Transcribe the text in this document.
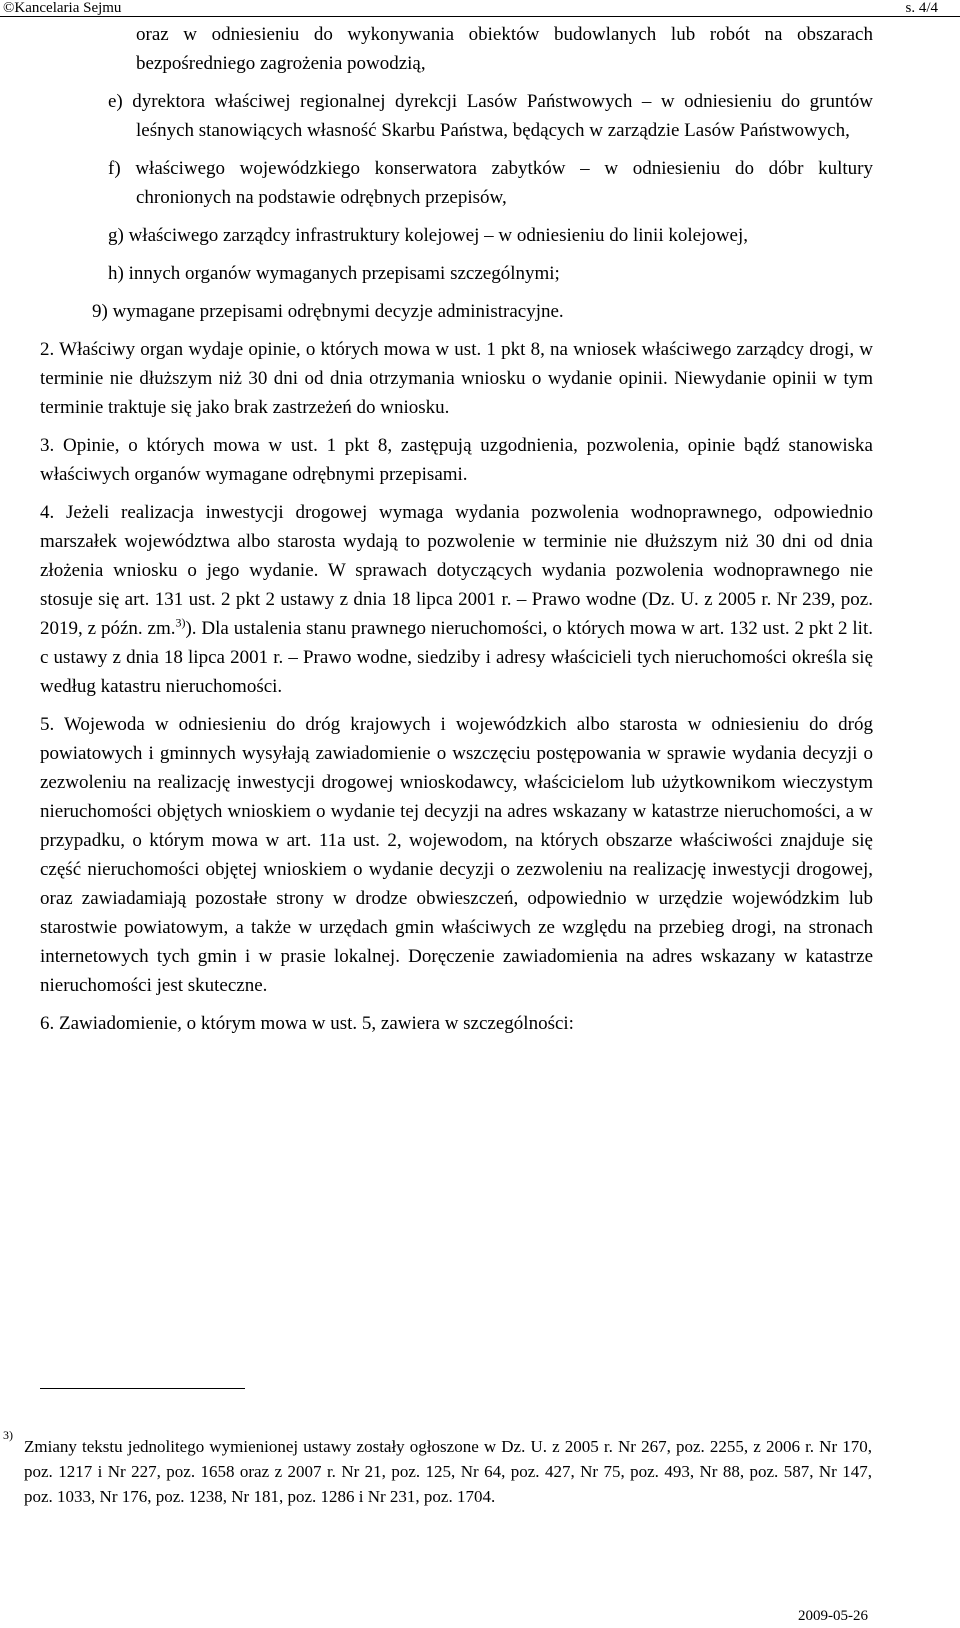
©Kancelaria Sejmu	s. 4/4

oraz w odniesieniu do wykonywania obiektów budowlanych lub robót na obszarach bezpośredniego zagrożenia powodzią,

e) dyrektora właściwej regionalnej dyrekcji Lasów Państwowych – w odniesieniu do gruntów leśnych stanowiących własność Skarbu Państwa, będących w zarządzie Lasów Państwowych,

f) właściwego wojewódzkiego konserwatora zabytków – w odniesieniu do dóbr kultury chronionych na podstawie odrębnych przepisów,

g) właściwego zarządcy infrastruktury kolejowej – w odniesieniu do linii kolejowej,

h) innych organów wymaganych przepisami szczególnymi;

9) wymagane przepisami odrębnymi decyzje administracyjne.

2. Właściwy organ wydaje opinie, o których mowa w ust. 1 pkt 8, na wniosek właściwego zarządcy drogi, w terminie nie dłuższym niż 30 dni od dnia otrzymania wniosku o wydanie opinii. Niewydanie opinii w tym terminie traktuje się jako brak zastrzeżeń do wniosku.

3. Opinie, o których mowa w ust. 1 pkt 8, zastępują uzgodnienia, pozwolenia, opinie bądź stanowiska właściwych organów wymagane odrębnymi przepisami.

4. Jeżeli realizacja inwestycji drogowej wymaga wydania pozwolenia wodnoprawnego, odpowiednio marszałek województwa albo starosta wydają to pozwolenie w terminie nie dłuższym niż 30 dni od dnia złożenia wniosku o jego wydanie. W sprawach dotyczących wydania pozwolenia wodnoprawnego nie stosuje się art. 131 ust. 2 pkt 2 ustawy z dnia 18 lipca 2001 r. – Prawo wodne (Dz. U. z 2005 r. Nr 239, poz. 2019, z późn. zm.$^{3)}$). Dla ustalenia stanu prawnego nieruchomości, o których mowa w art. 132 ust. 2 pkt 2 lit. c ustawy z dnia 18 lipca 2001 r. – Prawo wodne, siedziby i adresy właścicieli tych nieruchomości określa się według katastru nieruchomości.

5. Wojewoda w odniesieniu do dróg krajowych i wojewódzkich albo starosta w odniesieniu do dróg powiatowych i gminnych wysyłają zawiadomienie o wszczęciu postępowania w sprawie wydania decyzji o zezwoleniu na realizację inwestycji drogowej wnioskodawcy, właścicielom lub użytkownikom wieczystym nieruchomości objętych wnioskiem o wydanie tej decyzji na adres wskazany w katastrze nieruchomości, a w przypadku, o którym mowa w art. 11a ust. 2, wojewodom, na których obszarze właściwości znajduje się część nieruchomości objętej wnioskiem o wydanie decyzji o zezwoleniu na realizację inwestycji drogowej, oraz zawiadamiają pozostałe strony w drodze obwieszczeń, odpowiednio w urzędzie wojewódzkim lub starostwie powiatowym, a także w urzędach gmin właściwych ze względu na przebieg drogi, na stronach internetowych tych gmin i w prasie lokalnej. Doręczenie zawiadomienia na adres wskazany w katastrze nieruchomości jest skuteczne.

6. Zawiadomienie, o którym mowa w ust. 5, zawiera w szczególności:

3)

Zmiany tekstu jednolitego wymienionej ustawy zostały ogłoszone w Dz. U. z 2005 r. Nr 267, poz. 2255, z 2006 r. Nr 170, poz. 1217 i Nr 227, poz. 1658 oraz z 2007 r. Nr 21, poz. 125, Nr 64, poz. 427, Nr 75, poz. 493, Nr 88, poz. 587, Nr 147, poz. 1033, Nr 176, poz. 1238, Nr 181, poz. 1286 i Nr 231, poz. 1704.

2009-05-26
